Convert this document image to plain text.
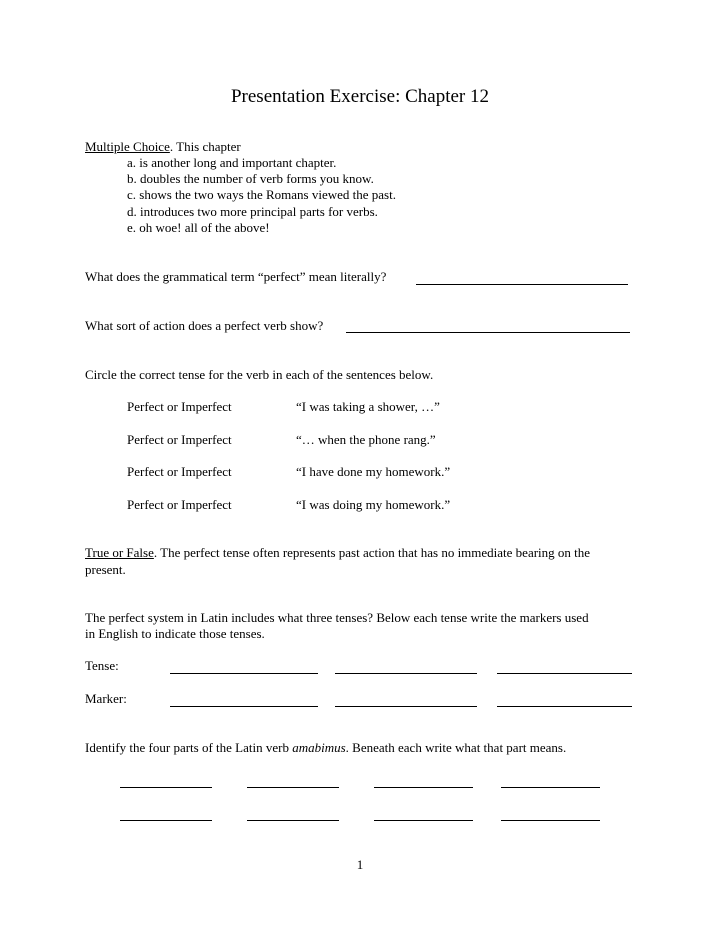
Presentation Exercise: Chapter 12
Multiple Choice. This chapter
a. is another long and important chapter.
b. doubles the number of verb forms you know.
c. shows the two ways the Romans viewed the past.
d. introduces two more principal parts for verbs.
e. oh woe! all of the above!
What does the grammatical term “perfect” mean literally?
What sort of action does a perfect verb show?
Circle the correct tense for the verb in each of the sentences below.
Perfect or Imperfect	“I was taking a shower, …”
Perfect or Imperfect	“… when the phone rang.”
Perfect or Imperfect	“I have done my homework.”
Perfect or Imperfect	“I was doing my homework.”
True or False. The perfect tense often represents past action that has no immediate bearing on the
present.
The perfect system in Latin includes what three tenses? Below each tense write the markers used
in English to indicate those tenses.
Tense:
Marker:
Identify the four parts of the Latin verb amabimus. Beneath each write what that part means.
1
